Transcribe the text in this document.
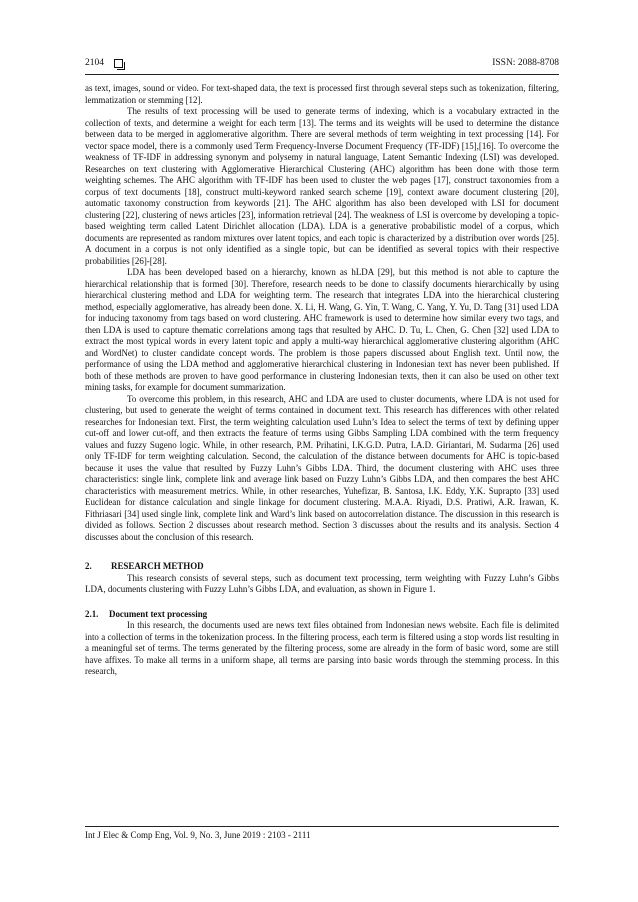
2104	ISSN: 2088-8708

as text, images, sound or video. For text-shaped data, the text is processed first through several steps such as tokenization, filtering, lemmatization or stemming [12].

The results of text processing will be used to generate terms of indexing, which is a vocabulary extracted in the collection of texts, and determine a weight for each term [13]. The terms and its weights will be used to determine the distance between data to be merged in agglomerative algorithm. There are several methods of term weighting in text processing [14]. For vector space model, there is a commonly used Term Frequency-Inverse Document Frequency (TF-IDF) [15],[16]. To overcome the weakness of TF-IDF in addressing synonym and polysemy in natural language, Latent Semantic Indexing (LSI) was developed. Researches on text clustering with Agglomerative Hierarchical Clustering (AHC) algorithm has been done with those term weighting schemes. The AHC algorithm with TF-IDF has been used to cluster the web pages [17], construct taxonomies from a corpus of text documents [18], construct multi-keyword ranked search scheme [19], context aware document clustering [20], automatic taxonomy construction from keywords [21]. The AHC algorithm has also been developed with LSI for document clustering [22], clustering of news articles [23], information retrieval [24]. The weakness of LSI is overcome by developing a topic-based weighting term called Latent Dirichlet allocation (LDA). LDA is a generative probabilistic model of a corpus, which documents are represented as random mixtures over latent topics, and each topic is characterized by a distribution over words [25]. A document in a corpus is not only identified as a single topic, but can be identified as several topics with their respective probabilities [26]-[28].

LDA has been developed based on a hierarchy, known as hLDA [29], but this method is not able to capture the hierarchical relationship that is formed [30]. Therefore, research needs to be done to classify documents hierarchically by using hierarchical clustering method and LDA for weighting term. The research that integrates LDA into the hierarchical clustering method, especially agglomerative, has already been done. X. Li, H. Wang, G. Yin, T. Wang, C. Yang, Y. Yu, D. Tang [31] used LDA for inducing taxonomy from tags based on word clustering. AHC framework is used to determine how similar every two tags, and then LDA is used to capture thematic correlations among tags that resulted by AHC. D. Tu, L. Chen, G. Chen [32] used LDA to extract the most typical words in every latent topic and apply a multi-way hierarchical agglomerative clustering algorithm (AHC and WordNet) to cluster candidate concept words. The problem is those papers discussed about English text. Until now, the performance of using the LDA method and agglomerative hierarchical clustering in Indonesian text has never been published. If both of these methods are proven to have good performance in clustering Indonesian texts, then it can also be used on other text mining tasks, for example for document summarization.

To overcome this problem, in this research, AHC and LDA are used to cluster documents, where LDA is not used for clustering, but used to generate the weight of terms contained in document text. This research has differences with other related researches for Indonesian text. First, the term weighting calculation used Luhn’s Idea to select the terms of text by defining upper cut-off and lower cut-off, and then extracts the feature of terms using Gibbs Sampling LDA combined with the term frequency values and fuzzy Sugeno logic. While, in other research, P.M. Prihatini, I.K.G.D. Putra, I.A.D. Giriantari, M. Sudarma [26] used only TF-IDF for term weighting calculation. Second, the calculation of the distance between documents for AHC is topic-based because it uses the value that resulted by Fuzzy Luhn’s Gibbs LDA. Third, the document clustering with AHC uses three characteristics: single link, complete link and average link based on Fuzzy Luhn’s Gibbs LDA, and then compares the best AHC characteristics with measurement metrics. While, in other researches, Yuhefizar, B. Santosa, I.K. Eddy, Y.K. Suprapto [33] used Euclidean for distance calculation and single linkage for document clustering. M.A.A. Riyadi, D.S. Pratiwi, A.R. Irawan, K. Fithriasari [34] used single link, complete link and Ward’s link based on autocorrelation distance. The discussion in this research is divided as follows. Section 2 discusses about research method. Section 3 discusses about the results and its analysis. Section 4 discusses about the conclusion of this research.

2. RESEARCH METHOD

This research consists of several steps, such as document text processing, term weighting with Fuzzy Luhn’s Gibbs LDA, documents clustering with Fuzzy Luhn’s Gibbs LDA, and evaluation, as shown in Figure 1.

2.1. Document text processing

In this research, the documents used are news text files obtained from Indonesian news website. Each file is delimited into a collection of terms in the tokenization process. In the filtering process, each term is filtered using a stop words list resulting in a meaningful set of terms. The terms generated by the filtering process, some are already in the form of basic word, some are still have affixes. To make all terms in a uniform shape, all terms are parsing into basic words through the stemming process. In this research,

Int J Elec & Comp Eng, Vol. 9, No. 3, June 2019 : 2103 - 2111
